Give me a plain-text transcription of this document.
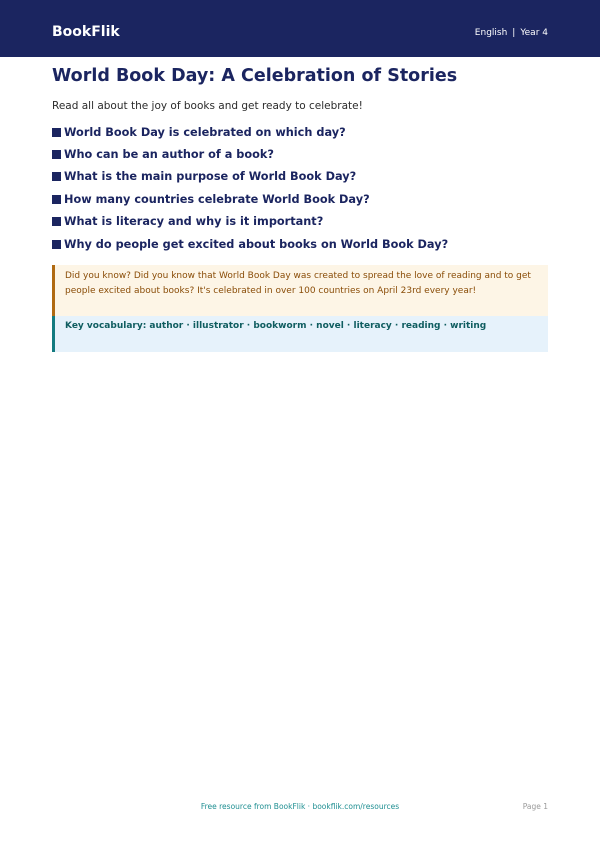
BookFlik	English | Year 4
World Book Day: A Celebration of Stories

Read all about the joy of books and get ready to celebrate!

World Book Day is celebrated on which day?
Who can be an author of a book?
What is the main purpose of World Book Day?
How many countries celebrate World Book Day?
What is literacy and why is it important?
Why do people get excited about books on World Book Day?
Did you know? Did you know that World Book Day was created to spread the love of reading and to get people excited about books? It's celebrated in over 100 countries on April 23rd every year!
Key vocabulary: author · illustrator · bookworm · novel · literacy · reading · writing
Free resource from BookFlik · bookflik.com/resources	Page 1
